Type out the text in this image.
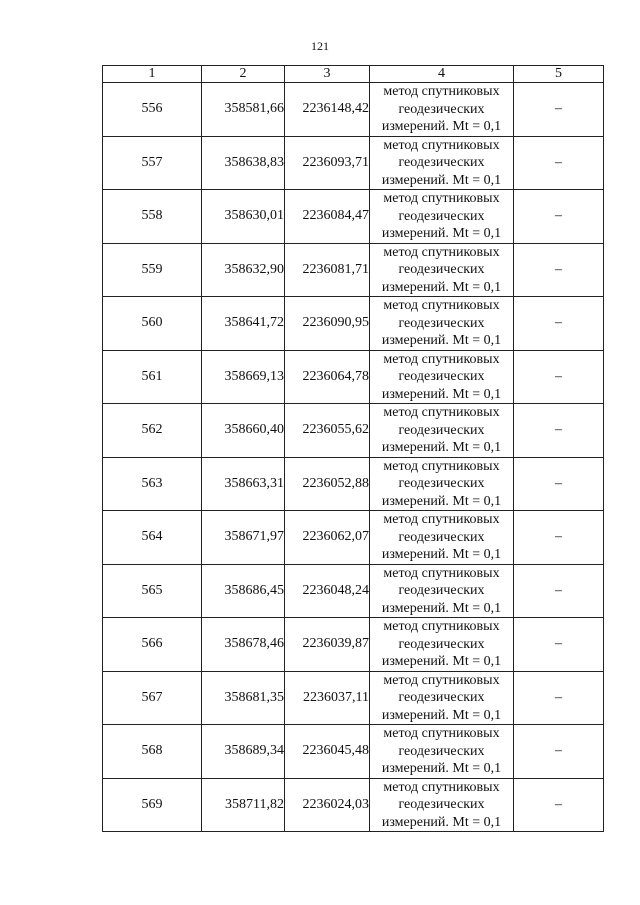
121
1	2	3	4	5
556	358581,66	2236148,42	метод спутниковых
геодезических
измерений. Mt = 0,1	–
557	358638,83	2236093,71	метод спутниковых
геодезических
измерений. Mt = 0,1	–
558	358630,01	2236084,47	метод спутниковых
геодезических
измерений. Mt = 0,1	–
559	358632,90	2236081,71	метод спутниковых
геодезических
измерений. Mt = 0,1	–
560	358641,72	2236090,95	метод спутниковых
геодезических
измерений. Mt = 0,1	–
561	358669,13	2236064,78	метод спутниковых
геодезических
измерений. Mt = 0,1	–
562	358660,40	2236055,62	метод спутниковых
геодезических
измерений. Mt = 0,1	–
563	358663,31	2236052,88	метод спутниковых
геодезических
измерений. Mt = 0,1	–
564	358671,97	2236062,07	метод спутниковых
геодезических
измерений. Mt = 0,1	–
565	358686,45	2236048,24	метод спутниковых
геодезических
измерений. Mt = 0,1	–
566	358678,46	2236039,87	метод спутниковых
геодезических
измерений. Mt = 0,1	–
567	358681,35	2236037,11	метод спутниковых
геодезических
измерений. Mt = 0,1	–
568	358689,34	2236045,48	метод спутниковых
геодезических
измерений. Mt = 0,1	–
569	358711,82	2236024,03	метод спутниковых
геодезических
измерений. Mt = 0,1	–
